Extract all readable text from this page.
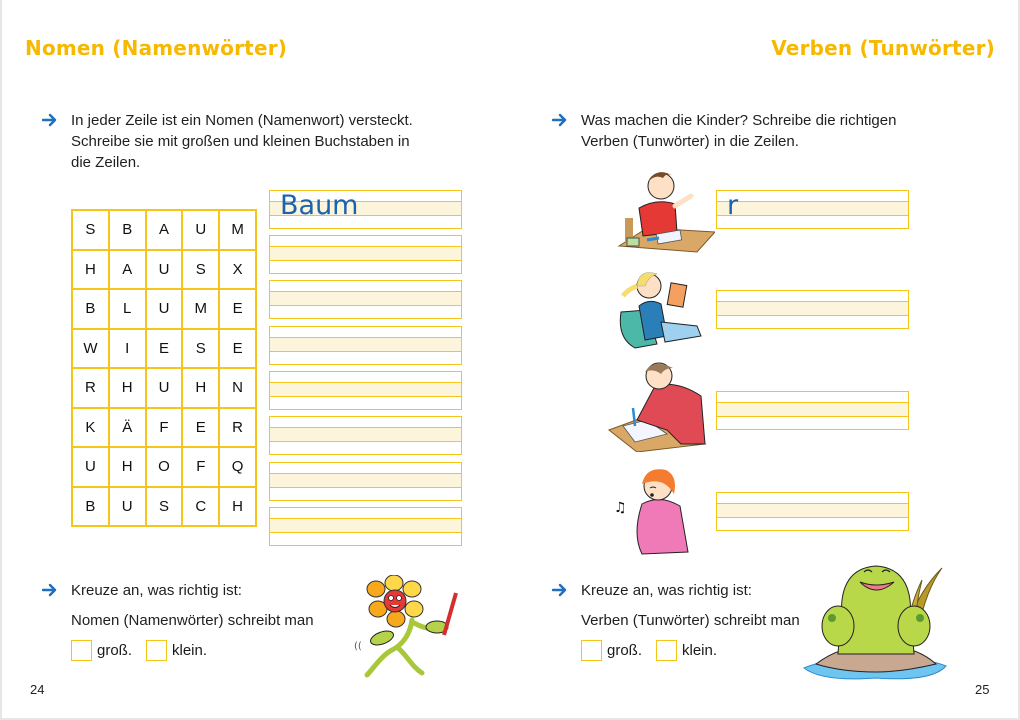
Nomen (Namenwörter)
In jeder Zeile ist ein Nomen (Namenwort) versteckt.
Schreibe sie mit großen und kleinen Buchstaben in
die Zeilen.
S	B	A	U	M
H	A	U	S	X
B	L	U	M	E
W	I	E	S	E
R	H	U	H	N
K	Ä	F	E	R
U	H	O	F	Q
B	U	S	C	H
Baum
Kreuze an, was richtig ist:
Nomen (Namenwörter) schreibt man
groß.	klein.	((
24
Verben (Tunwörter)
Was machen die Kinder? Schreibe die richtigen
Verben (Tunwörter) in die Zeilen.
♫
r
Kreuze an, was richtig ist:
Verben (Tunwörter) schreibt man
groß.	klein.
25
